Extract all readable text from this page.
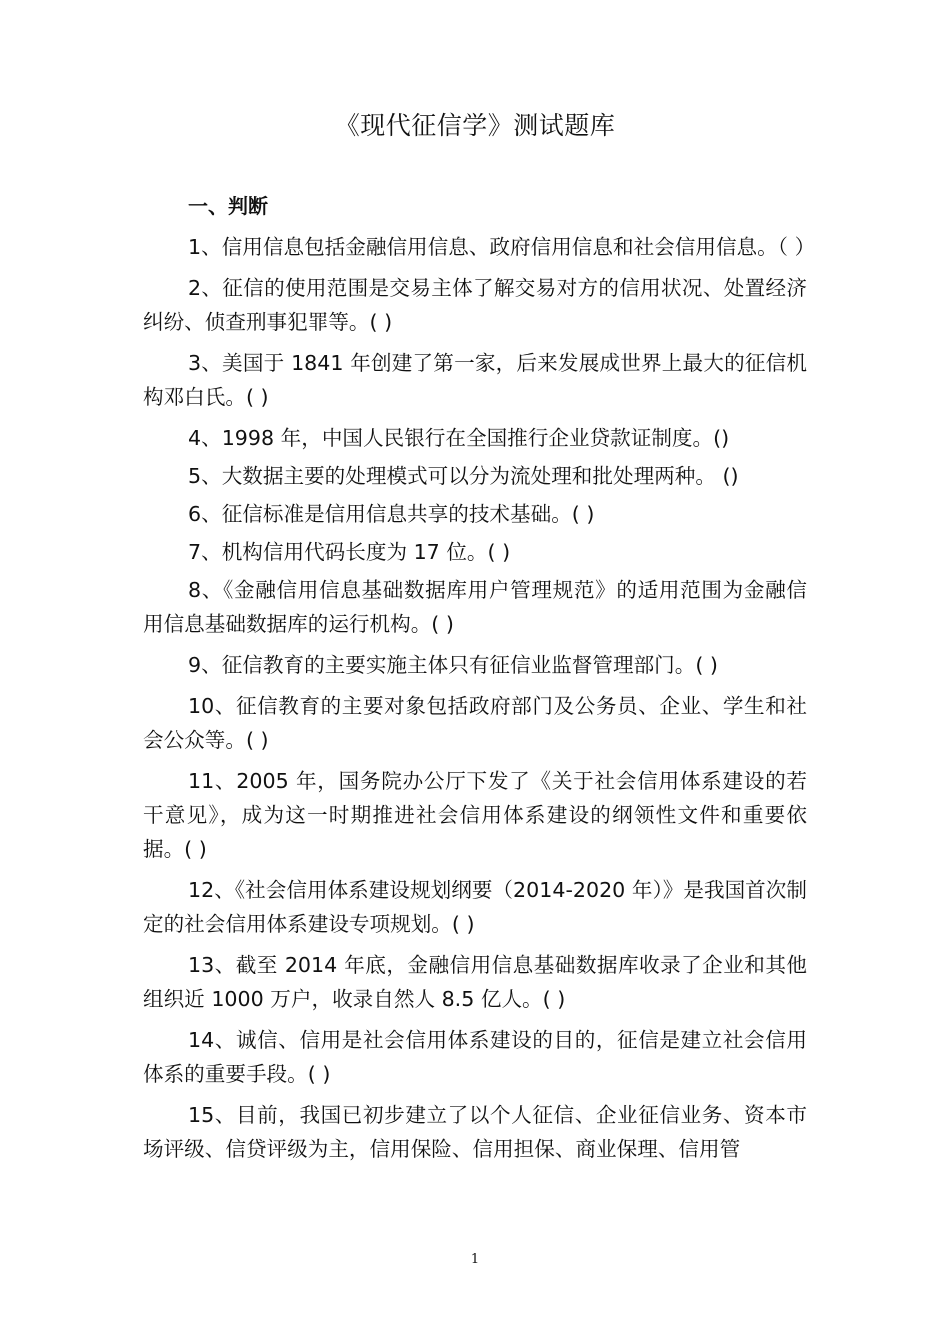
《现代征信学》测试题库
一、判断
1、信用信息包括金融信用信息、政府信用信息和社会信用信息。（ ）
2、征信的使用范围是交易主体了解交易对方的信用状况、处置经济纠纷、侦查刑事犯罪等。( )
3、美国于 1841 年创建了第一家，后来发展成世界上最大的征信机构邓白氏。( )
4、1998 年，中国人民银行在全国推行企业贷款证制度。()
5、大数据主要的处理模式可以分为流处理和批处理两种。 ()
6、征信标准是信用信息共享的技术基础。( )
7、机构信用代码长度为 17 位。( )
8、《金融信用信息基础数据库用户管理规范》的适用范围为金融信用信息基础数据库的运行机构。( )
9、征信教育的主要实施主体只有征信业监督管理部门。( )
10、征信教育的主要对象包括政府部门及公务员、企业、学生和社会公众等。( )
11、2005 年，国务院办公厅下发了《关于社会信用体系建设的若干意见》，成为这一时期推进社会信用体系建设的纲领性文件和重要依据。( )
12、《社会信用体系建设规划纲要（2014-2020 年）》是我国首次制定的社会信用体系建设专项规划。( )
13、截至 2014 年底，金融信用信息基础数据库收录了企业和其他组织近 1000 万户，收录自然人 8.5 亿人。( )
14、诚信、信用是社会信用体系建设的目的，征信是建立社会信用体系的重要手段。( )
15、目前，我国已初步建立了以个人征信、企业征信业务、资本市场评级、信贷评级为主，信用保险、信用担保、商业保理、信用管
1
